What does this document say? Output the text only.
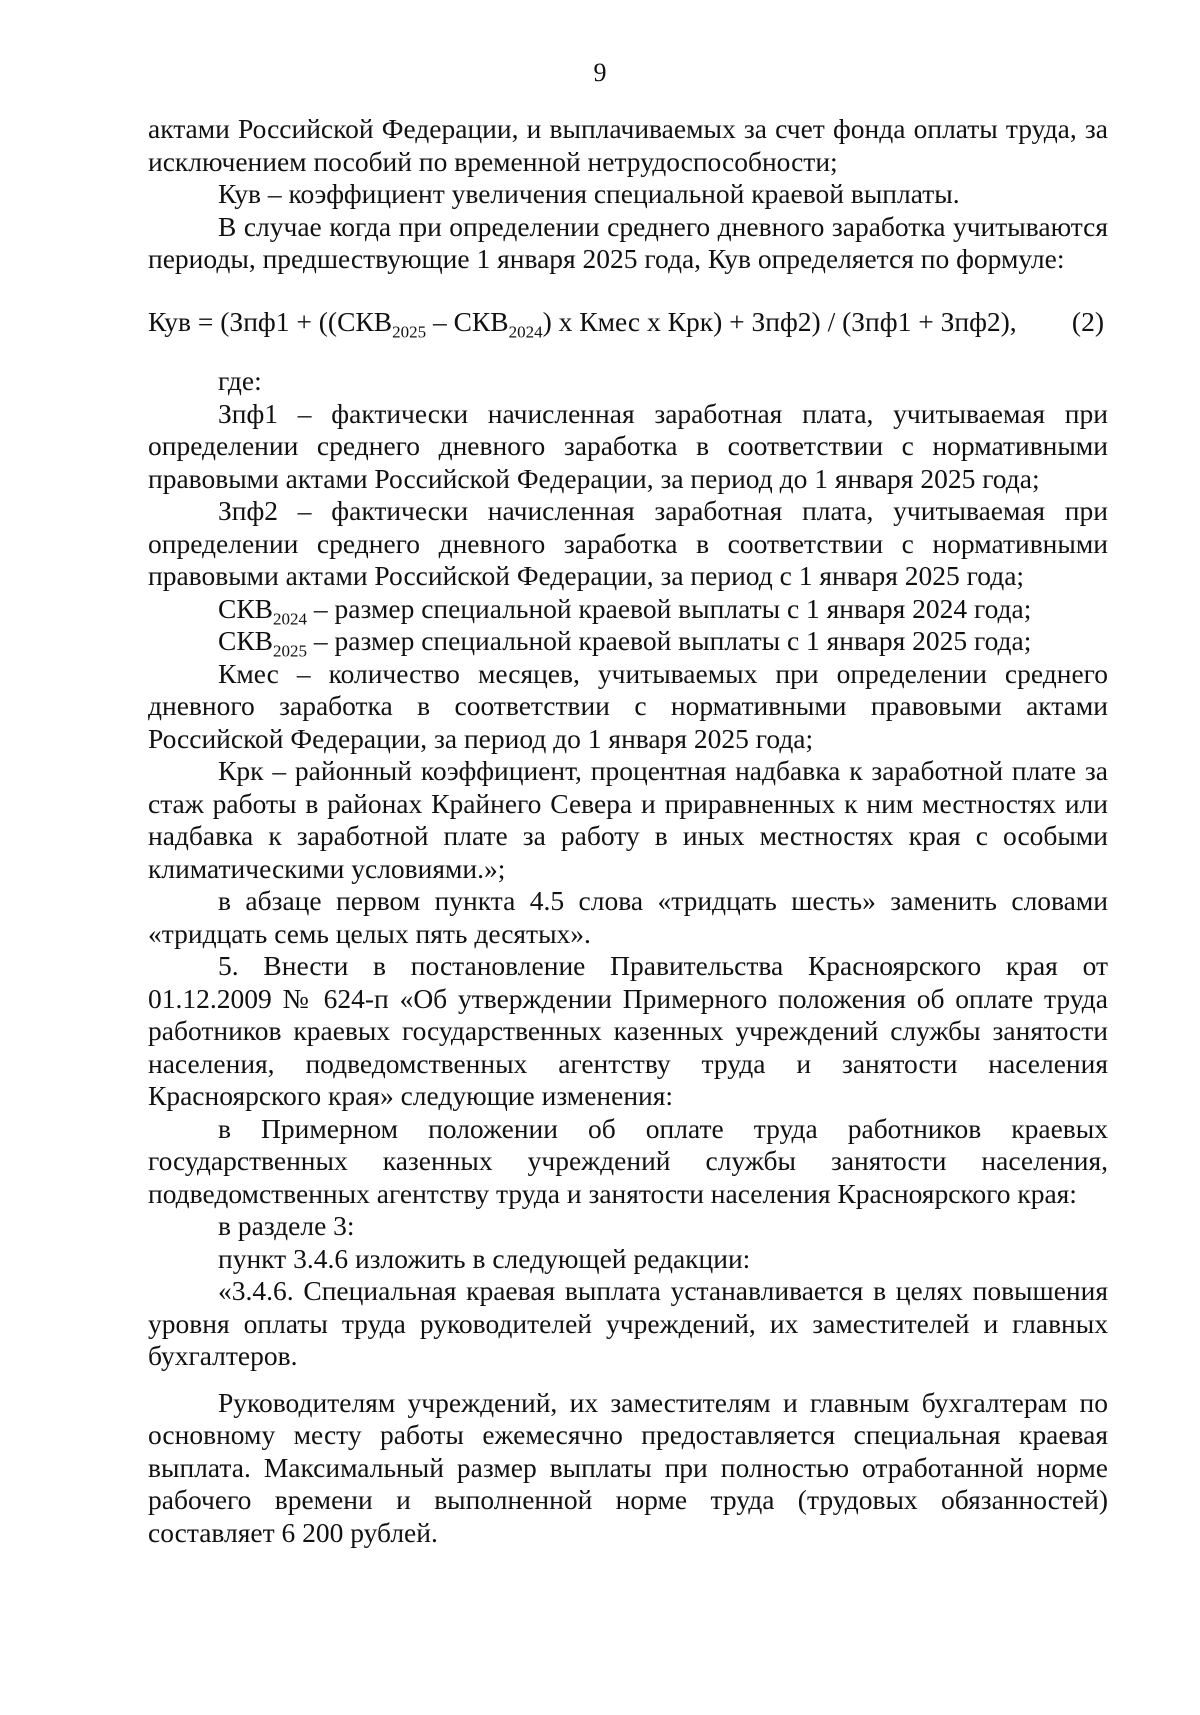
9

актами Российской Федерации, и выплачиваемых за счет фонда оплаты труда, за исключением пособий по временной нетрудоспособности;

Кув – коэффициент увеличения специальной краевой выплаты.

В случае когда при определении среднего дневного заработка учитываются периоды, предшествующие 1 января 2025 года, Кув определяется по формуле:

Кув = ($Зпф1 + ((СКВ_{2025} - СКВ_{2024})$ х Кмес х Крк) + Зпф2) / (Зпф1 + Зпф2), (2)

где:

Зпф1 – фактически начисленная заработная плата, учитываемая при определении среднего дневного заработка в соответствии с нормативными правовыми актами Российской Федерации, за период до 1 января 2025 года;

Зпф2 – фактически начисленная заработная плата, учитываемая при определении среднего дневного заработка в соответствии с нормативными правовыми актами Российской Федерации, за период с 1 января 2025 года;

$СКВ_{2024}$ – размер специальной краевой выплаты с 1 января 2024 года;

$СКВ_{2025}$ – размер специальной краевой выплаты с 1 января 2025 года;

Кмес – количество месяцев, учитываемых при определении среднего дневного заработка в соответствии с нормативными правовыми актами Российской Федерации, за период до 1 января 2025 года;

Крк – районный коэффициент, процентная надбавка к заработной плате за стаж работы в районах Крайнего Севера и приравненных к ним местностях или надбавка к заработной плате за работу в иных местностях края с особыми климатическими условиями.»;

в абзаце первом пункта 4.5 слова «тридцать шесть» заменить словами «тридцать семь целых пять десятых».

5. Внести в постановление Правительства Красноярского края от 01.12.2009 № 624-п «Об утверждении Примерного положения об оплате труда работников краевых государственных казенных учреждений службы занятости населения, подведомственных агентству труда и занятости населения Красноярского края» следующие изменения:

в Примерном положении об оплате труда работников краевых государственных казенных учреждений службы занятости населения, подведомственных агентству труда и занятости населения Красноярского края:

в разделе 3:

пункт 3.4.6 изложить в следующей редакции:

«3.4.6. Специальная краевая выплата устанавливается в целях повышения уровня оплаты труда руководителей учреждений, их заместителей и главных бухгалтеров.

Руководителям учреждений, их заместителям и главным бухгалтерам по основному месту работы ежемесячно предоставляется специальная краевая выплата. Максимальный размер выплаты при полностью отработанной норме рабочего времени и выполненной норме труда (трудовых обязанностей) составляет 6 200 рублей.
